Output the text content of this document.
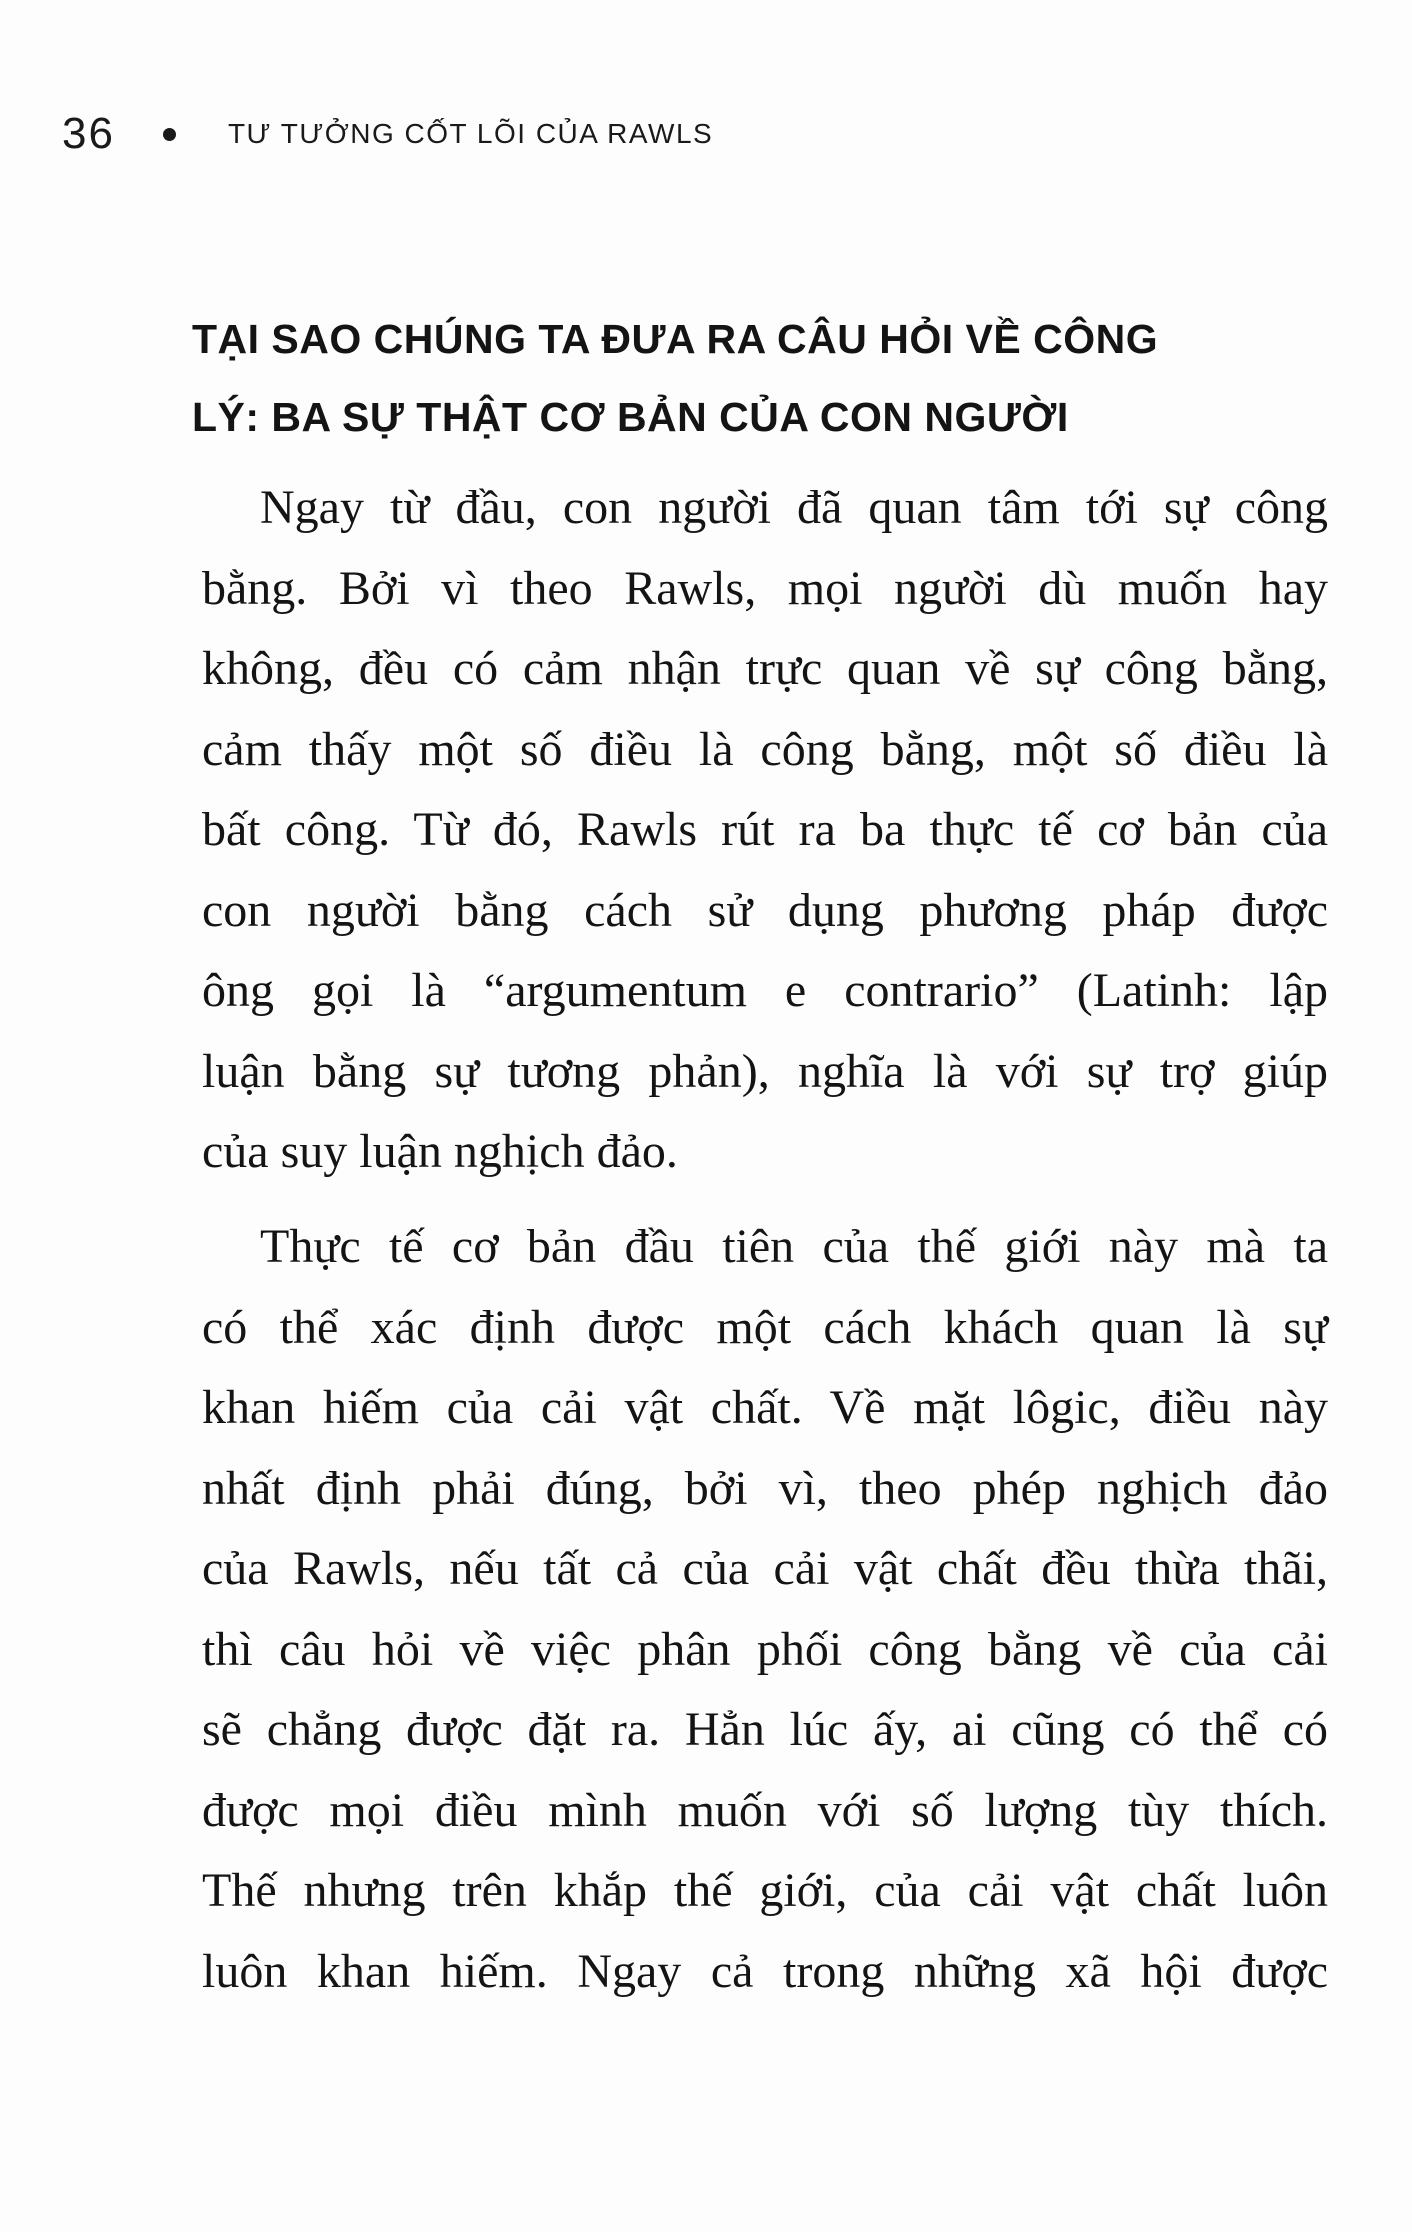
36	TƯ TƯỞNG CỐT LÕI CỦA RAWLS
TẠI SAO CHÚNG TA ĐƯA RA CÂU HỎI VỀ CÔNG
LÝ: BA SỰ THẬT CƠ BẢN CỦA CON NGƯỜI
Ngay từ đầu, con người đã quan tâm tới sự công
bằng. Bởi vì theo Rawls, mọi người dù muốn hay
không, đều có cảm nhận trực quan về sự công bằng,
cảm thấy một số điều là công bằng, một số điều là
bất công. Từ đó, Rawls rút ra ba thực tế cơ bản của
con người bằng cách sử dụng phương pháp được
ông gọi là “argumentum e contrario” (Latinh: lập
luận bằng sự tương phản), nghĩa là với sự trợ giúp
của suy luận nghịch đảo.
Thực tế cơ bản đầu tiên của thế giới này mà ta
có thể xác định được một cách khách quan là sự
khan hiếm của cải vật chất. Về mặt lôgic, điều này
nhất định phải đúng, bởi vì, theo phép nghịch đảo
của Rawls, nếu tất cả của cải vật chất đều thừa thãi,
thì câu hỏi về việc phân phối công bằng về của cải
sẽ chẳng được đặt ra. Hẳn lúc ấy, ai cũng có thể có
được mọi điều mình muốn với số lượng tùy thích.
Thế nhưng trên khắp thế giới, của cải vật chất luôn
luôn khan hiếm. Ngay cả trong những xã hội được
